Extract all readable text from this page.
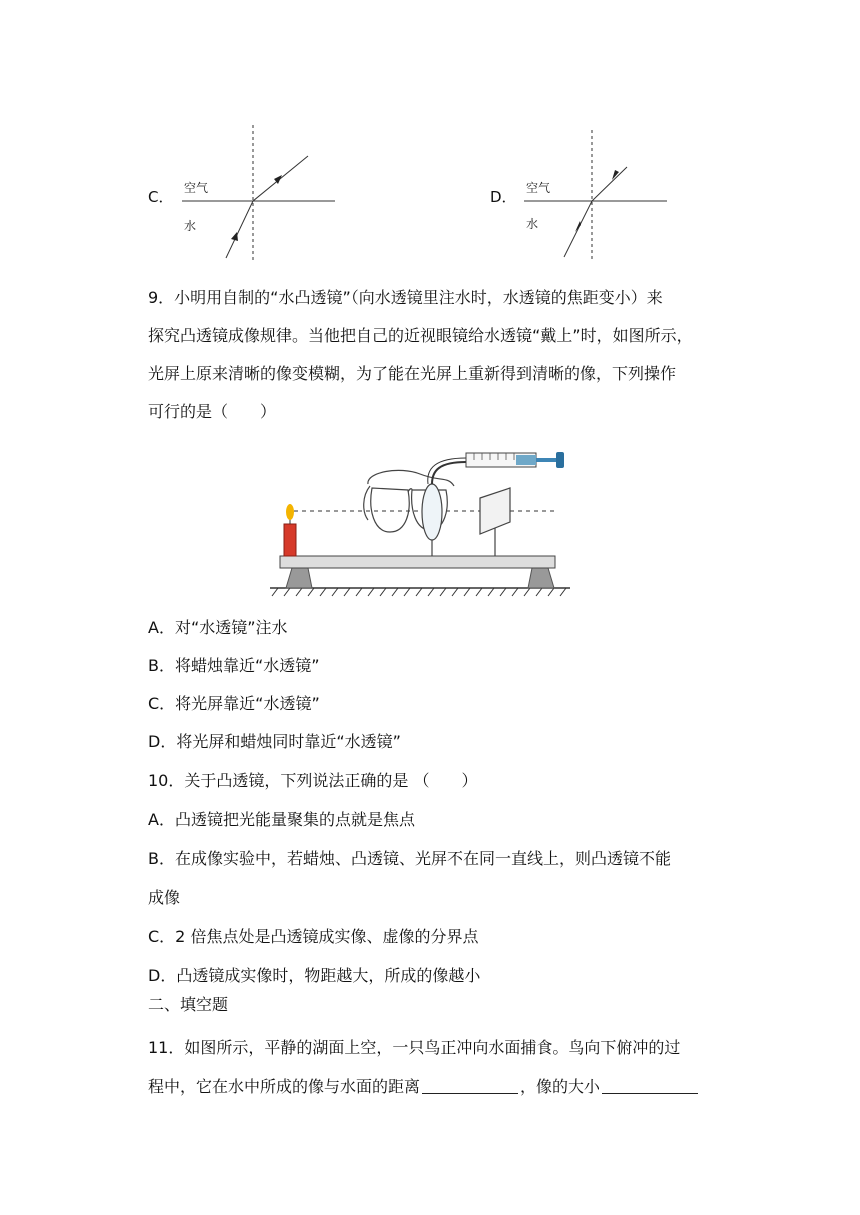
C． 空气
水
D． 空气
水
9．小明用自制的“水凸透镜”（向水透镜里注水时，水透镜的焦距变小）来
探究凸透镜成像规律。当他把自己的近视眼镜给水透镜“戴上”时，如图所示，
光屏上原来清晰的像变模糊，为了能在光屏上重新得到清晰的像，下列操作
可行的是（　　）
A．对“水透镜”注水
B．将蜡烛靠近“水透镜”
C．将光屏靠近“水透镜”
D．将光屏和蜡烛同时靠近“水透镜”
10．关于凸透镜，下列说法正确的是 （　　）
A．凸透镜把光能量聚集的点就是焦点
B．在成像实验中，若蜡烛、凸透镜、光屏不在同一直线上，则凸透镜不能
成像
C．2 倍焦点处是凸透镜成实像、虚像的分界点
D．凸透镜成实像时，物距越大，所成的像越小
二、填空题
11．如图所示，平静的湖面上空，一只鸟正冲向水面捕食。鸟向下俯冲的过
程中，它在水中所成的像与水面的距离	，像的大小
